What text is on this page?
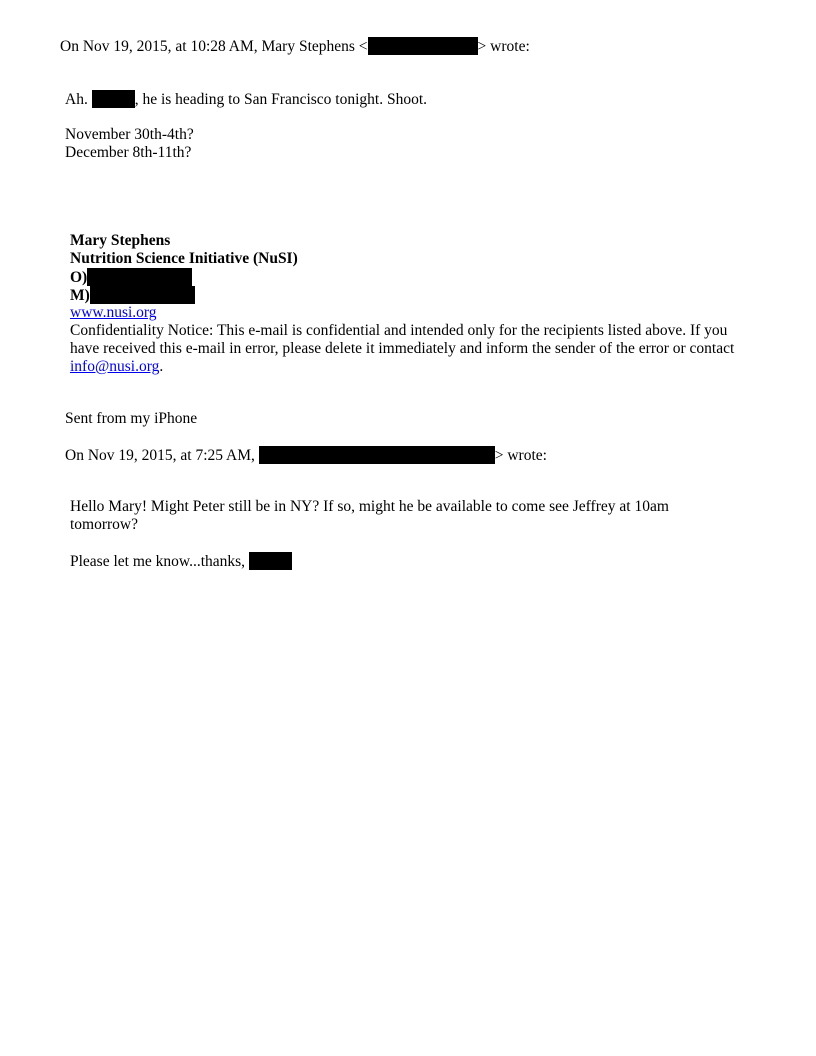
On Nov 19, 2015, at 10:28 AM, Mary Stephens <	> wrote:
Ah.	, he is heading to San Francisco tonight. Shoot.
November 30th-4th?
December 8th-11th?
Mary Stephens
Nutrition Science Initiative (NuSI)
O)
M)
www.nusi.org
Confidentiality Notice: This e-mail is confidential and intended only for the recipients listed above. If you have received this e-mail in error, please delete it immediately and inform the sender of the error or contact info@nusi.org.
Sent from my iPhone
On Nov 19, 2015, at 7:25 AM,	> wrote:
Hello Mary! Might Peter still be in NY? If so, might he be available to come see Jeffrey at 10am tomorrow?
Please let me know...thanks,
